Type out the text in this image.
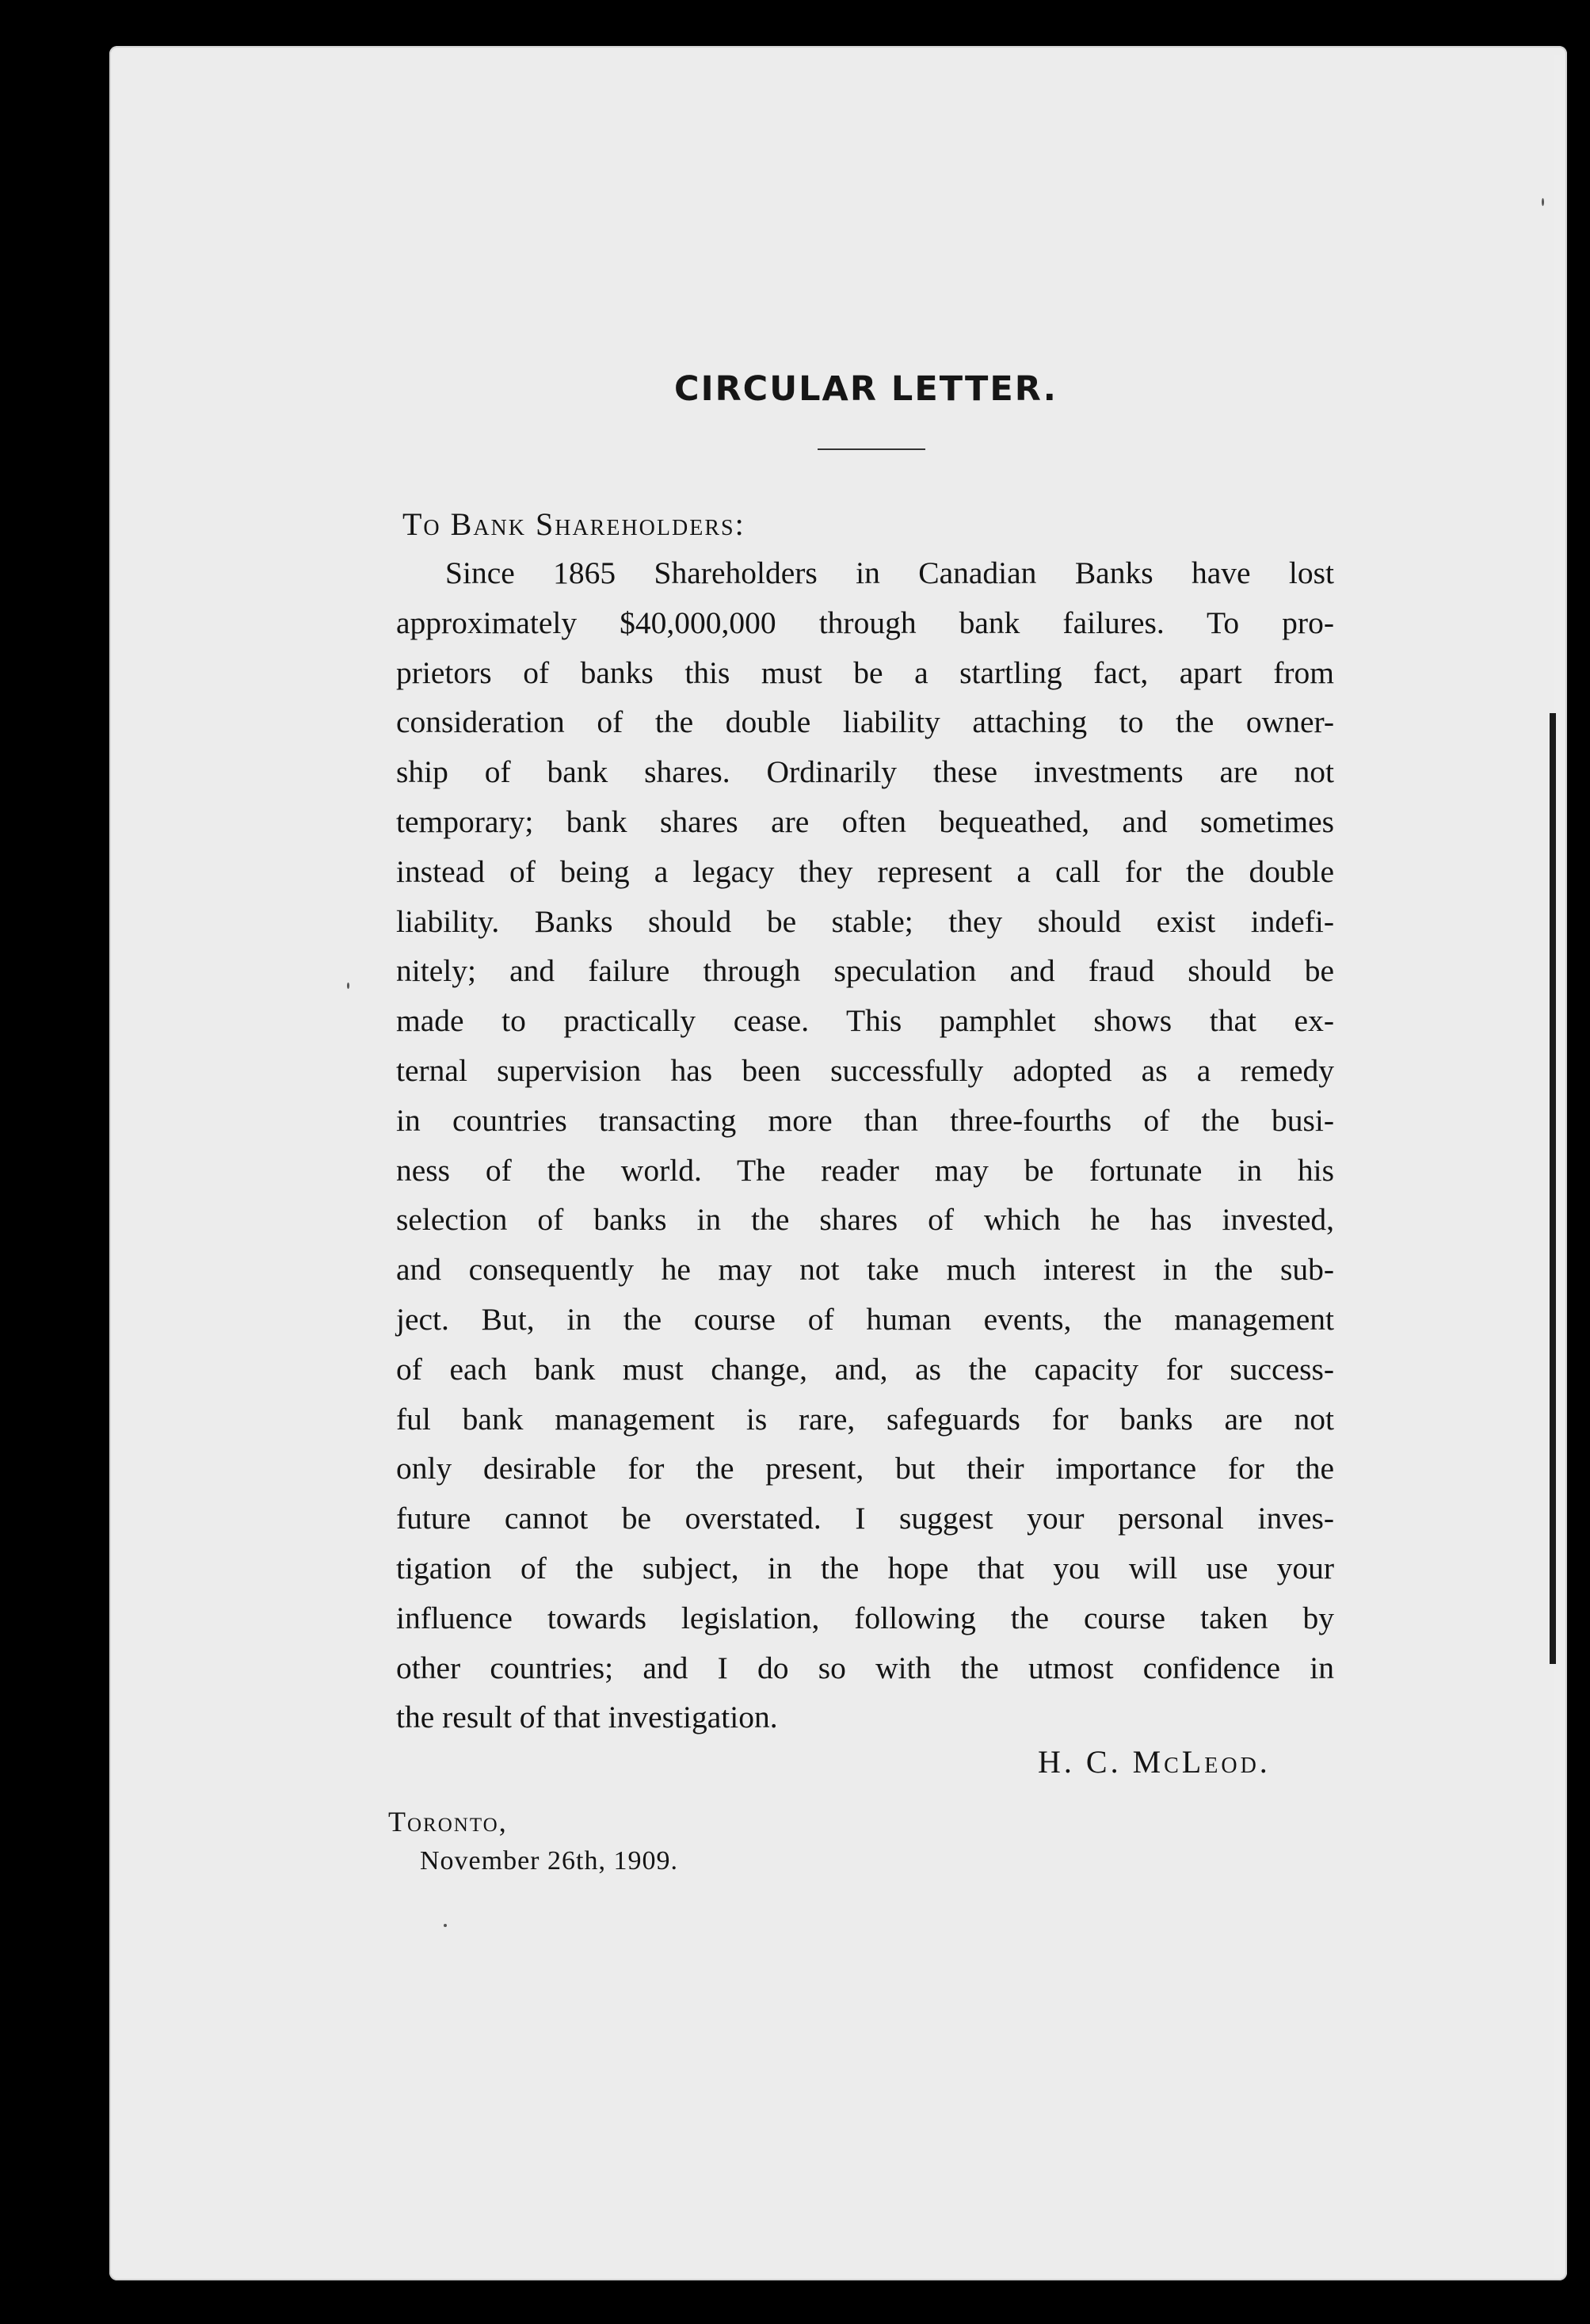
CIRCULAR LETTER.
To Bank Shareholders:
Since 1865 Shareholders in Canadian Banks have lost
approximately $40,000,000 through bank failures. To pro-
prietors of banks this must be a startling fact, apart from
consideration of the double liability attaching to the owner-
ship of bank shares. Ordinarily these investments are not
temporary; bank shares are often bequeathed, and sometimes
instead of being a legacy they represent a call for the double
liability. Banks should be stable; they should exist indefi-
nitely; and failure through speculation and fraud should be
made to practically cease. This pamphlet shows that ex-
ternal supervision has been successfully adopted as a remedy
in countries transacting more than three-fourths of the busi-
ness of the world. The reader may be fortunate in his
selection of banks in the shares of which he has invested,
and consequently he may not take much interest in the sub-
ject. But, in the course of human events, the management
of each bank must change, and, as the capacity for success-
ful bank management is rare, safeguards for banks are not
only desirable for the present, but their importance for the
future cannot be overstated. I suggest your personal inves-
tigation of the subject, in the hope that you will use your
influence towards legislation, following the course taken by
other countries; and I do so with the utmost confidence in
the result of that investigation.
H. C. McLeod.
Toronto,
November 26th, 1909.
